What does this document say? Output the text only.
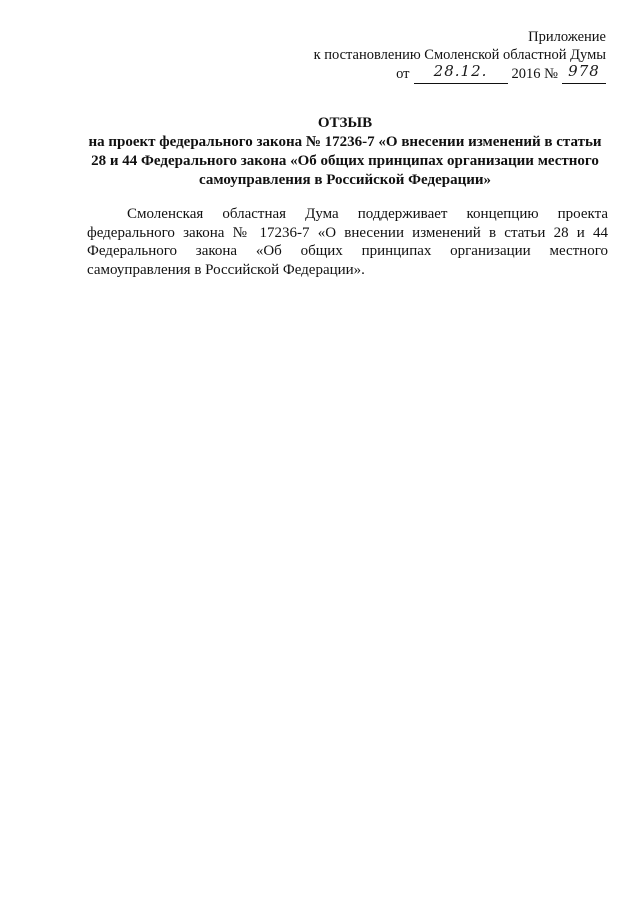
Приложение
к постановлению Смоленской областной Думы
от	28.12.	2016 № 978
ОТЗЫВ
на проект федерального закона № 17236-7 «О внесении изменений в статьи 28 и 44 Федерального закона «Об общих принципах организации местного самоуправления в Российской Федерации»
Смоленская областная Дума поддерживает концепцию проекта федерального закона № 17236-7 «О внесении изменений в статьи 28 и 44 Федерального закона «Об общих принципах организации местного самоуправления в Российской Федерации».
